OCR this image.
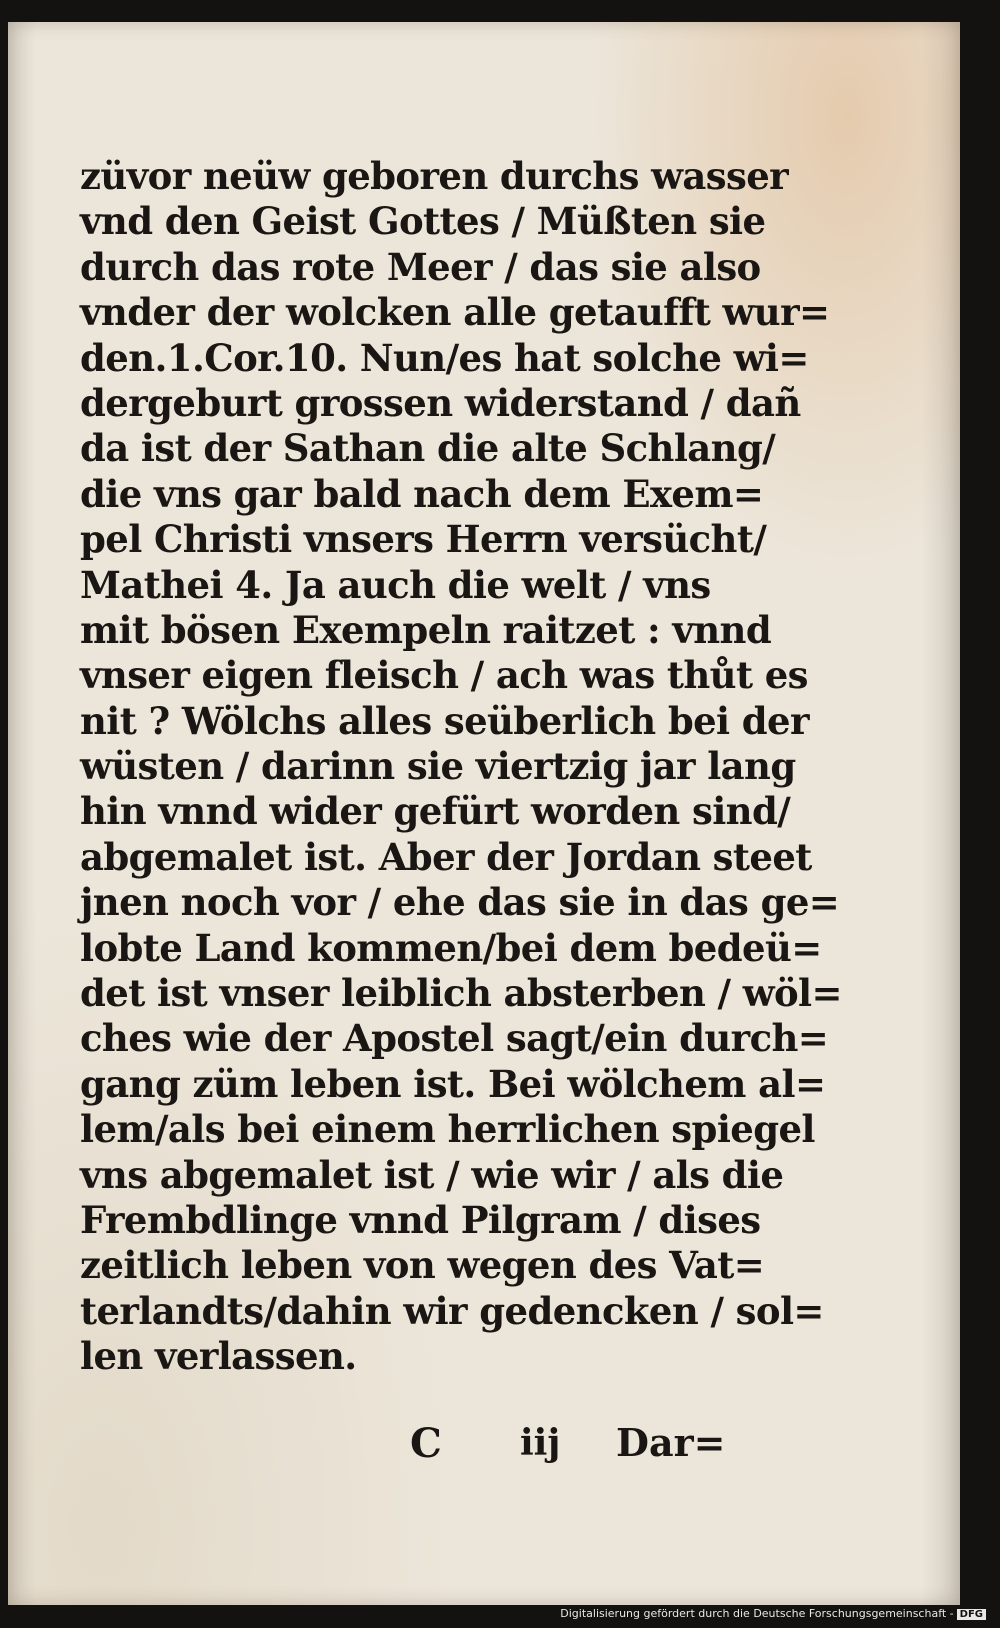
züvor neüw geboren durchs wasser
vnd den Geist Gottes / Müßten sie
durch das rote Meer / das sie also
vnder der wolcken alle getaufft wur=
den.1.Cor.10. Nun/es hat solche wi=
dergeburt grossen widerstand / dañ
da ist der Sathan die alte Schlang/
die vns gar bald nach dem Exem=
pel Christi vnsers Herrn versücht/
Mathei 4. Ja auch die welt / vns
mit bösen Exempeln raitzet : vnnd
vnser eigen fleisch / ach was thůt es
nit ? Wölchs alles seüberlich bei der
wüsten / darinn sie viertzig jar lang
hin vnnd wider gefürt worden sind/
abgemalet ist. Aber der Jordan steet
jnen noch vor / ehe das sie in das ge=
lobte Land kommen/bei dem bedeü=
det ist vnser leiblich absterben / wöl=
ches wie der Apostel sagt/ein durch=
gang züm leben ist. Bei wölchem al=
lem/als bei einem herrlichen spiegel
vns abgemalet ist / wie wir / als die
Frembdlinge vnnd Pilgram / dises
zeitlich leben von wegen des Vat=
terlandts/dahin wir gedencken / sol=
len verlassen.
C iij Dar=
Digitalisierung gefördert durch die Deutsche Forschungsgemeinschaft - DFG
